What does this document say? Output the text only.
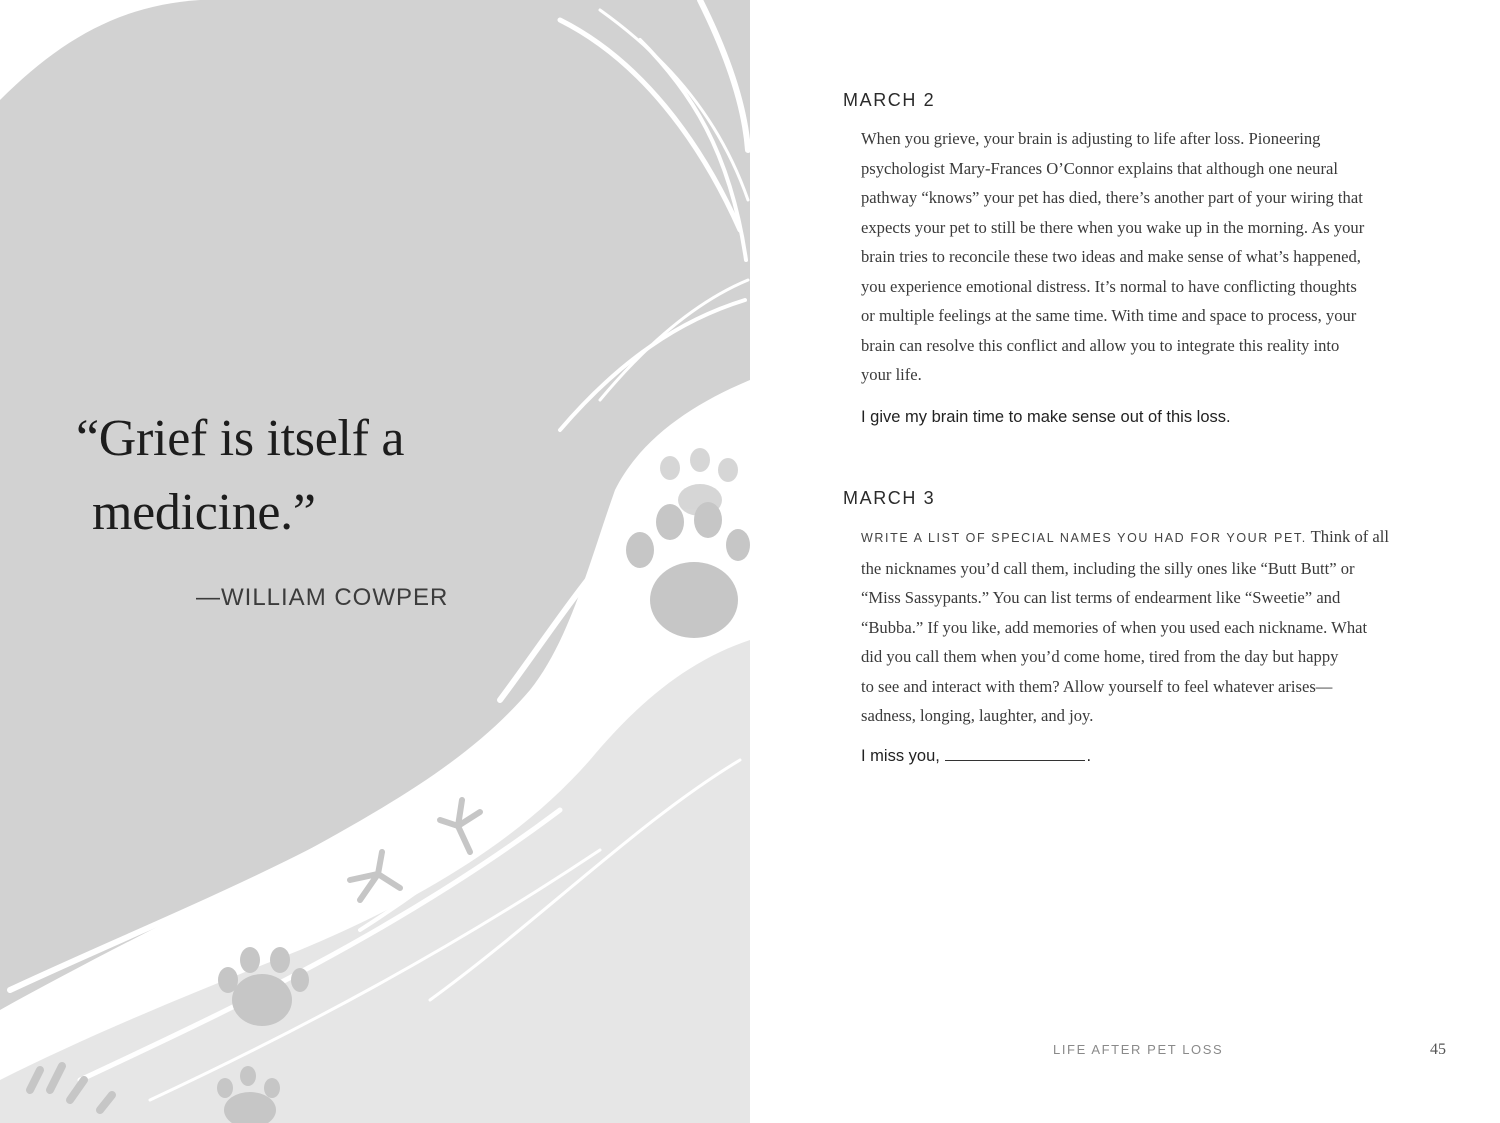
“Grief is itself a
medicine.”

—WILLIAM COWPER
MARCH 2

When you grieve, your brain is adjusting to life after loss. Pioneering
psychologist Mary-Frances O’Connor explains that although one neural
pathway “knows” your pet has died, there’s another part of your wiring that
expects your pet to still be there when you wake up in the morning. As your
brain tries to reconcile these two ideas and make sense of what’s happened,
you experience emotional distress. It’s normal to have conflicting thoughts
or multiple feelings at the same time. With time and space to process, your
brain can resolve this conflict and allow you to integrate this reality into
your life.

I give my brain time to make sense out of this loss.
MARCH 3

WRITE A LIST OF SPECIAL NAMES YOU HAD FOR YOUR PET. Think of all
the nicknames you’d call them, including the silly ones like “Butt Butt” or
“Miss Sassypants.” You can list terms of endearment like “Sweetie” and
“Bubba.” If you like, add memories of when you used each nickname. What
did you call them when you’d come home, tired from the day but happy
to see and interact with them? Allow yourself to feel whatever arises—
sadness, longing, laughter, and joy.

I miss you,	.
LIFE AFTER PET LOSS	45
